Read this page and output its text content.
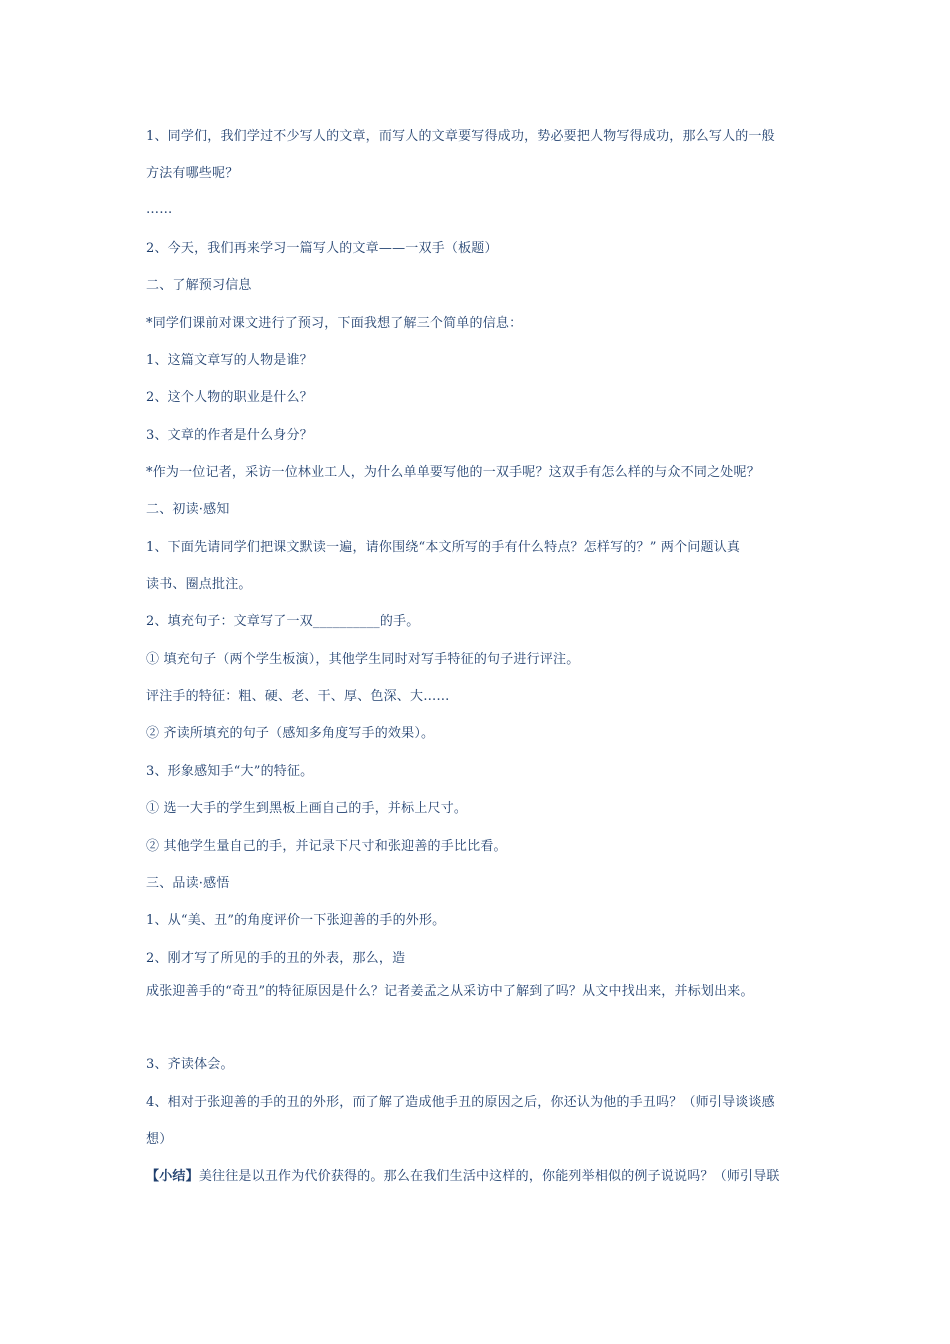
1、同学们，我们学过不少写人的文章，而写人的文章要写得成功，势必要把人物写得成功，那么写人的一般
方法有哪些呢？
……
2、今天，我们再来学习一篇写人的文章——一双手（板题）
二、了解预习信息
*同学们课前对课文进行了预习，下面我想了解三个简单的信息：
1、这篇文章写的人物是谁？
2、这个人物的职业是什么？
3、文章的作者是什么身分？
*作为一位记者，采访一位林业工人，为什么单单要写他的一双手呢？这双手有怎么样的与众不同之处呢？
二、初读·感知
1、下面先请同学们把课文默读一遍，请你围绕“本文所写的手有什么特点？怎样写的？” 两个问题认真
读书、圈点批注。
2、填充句子：文章写了一双__________的手。
① 填充句子（两个学生板演），其他学生同时对写手特征的句子进行评注。
评注手的特征：粗、硬、老、干、厚、色深、大……
② 齐读所填充的句子（感知多角度写手的效果）。
3、形象感知手“大”的特征。
① 选一大手的学生到黑板上画自己的手，并标上尺寸。
② 其他学生量自己的手，并记录下尺寸和张迎善的手比比看。
三、品读·感悟
1、从“美、丑”的角度评价一下张迎善的手的外形。
2、刚才写了所见的手的丑的外表，那么，造
成张迎善手的“奇丑”的特征原因是什么？记者姜孟之从采访中了解到了吗？从文中找出来，并标划出来。
3、齐读体会。
4、相对于张迎善的手的丑的外形，而了解了造成他手丑的原因之后，你还认为他的手丑吗？（师引导谈谈感
想）
【小结】美往往是以丑作为代价获得的。那么在我们生活中这样的，你能列举相似的例子说说吗？（师引导联
